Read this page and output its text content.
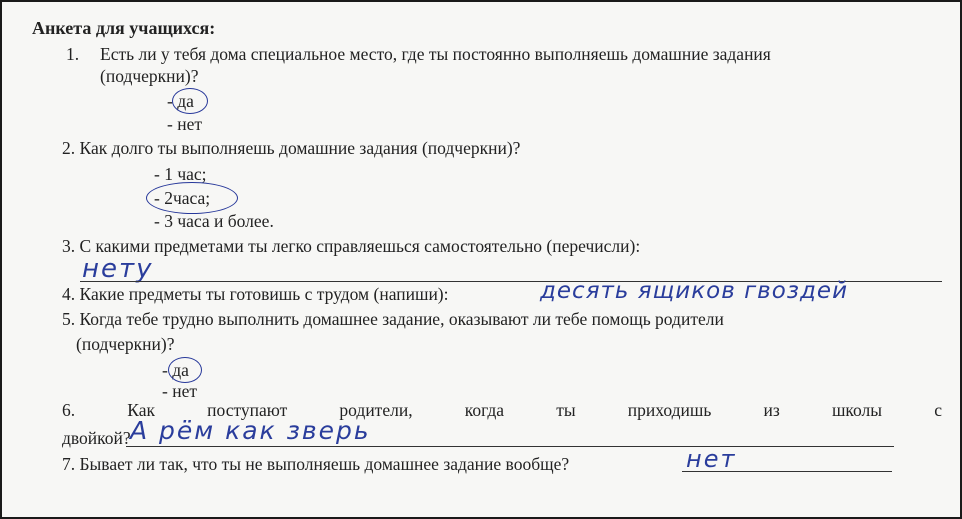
Анкета для учащихся:
1. Есть ли у тебя дома специальное место, где ты постоянно выполняешь домашние задания
(подчеркни)?
- да
- нет
2. Как долго ты выполняешь домашние задания (подчеркни)?
- 1 час;
- 2часа;
- 3 часа и более.
3. С какими предметами ты легко справляешься самостоятельно (перечисли):
нету
4. Какие предметы ты готовишь с трудом (напиши):	десять ящиков гвоздей
5. Когда тебе трудно выполнить домашнее задание, оказывают ли тебе помощь родители
(подчеркни)?
- да
- нет
6.	Как	поступают	родители,	когда	ты	приходишь	из	школы	с
двойкой? А рём как зверь
7. Бывает ли так, что ты не выполняешь домашнее задание вообще?	нет
